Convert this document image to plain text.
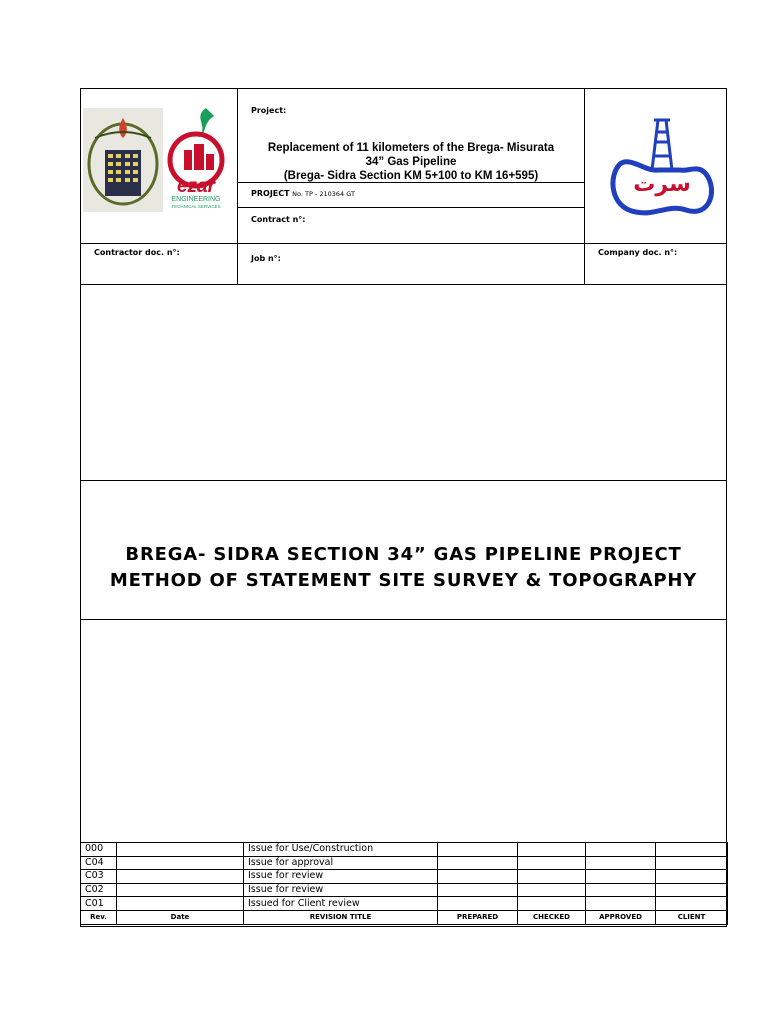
ezar
ENGINEERING
TECHNICAL SERVICES
Project:
Replacement of 11 kilometers of the Brega- Misurata
34” Gas Pipeline
(Brega- Sidra Section KM 5+100 to KM 16+595)
PROJECT No. TP - 210364 GT
Contract n°:
Job n°:
Contractor doc. n°:	Company doc. n°:
سرت
BREGA- SIDRA SECTION 34” GAS PIPELINE PROJECT
METHOD OF STATEMENT SITE SURVEY & TOPOGRAPHY
000		Issue for Use/Construction				
C04		Issue for approval				
C03		Issue for review				
C02		Issue for review				
C01		Issued for Client review				
Rev.	Date	REVISION TITLE	PREPARED	CHECKED	APPROVED	CLIENT
